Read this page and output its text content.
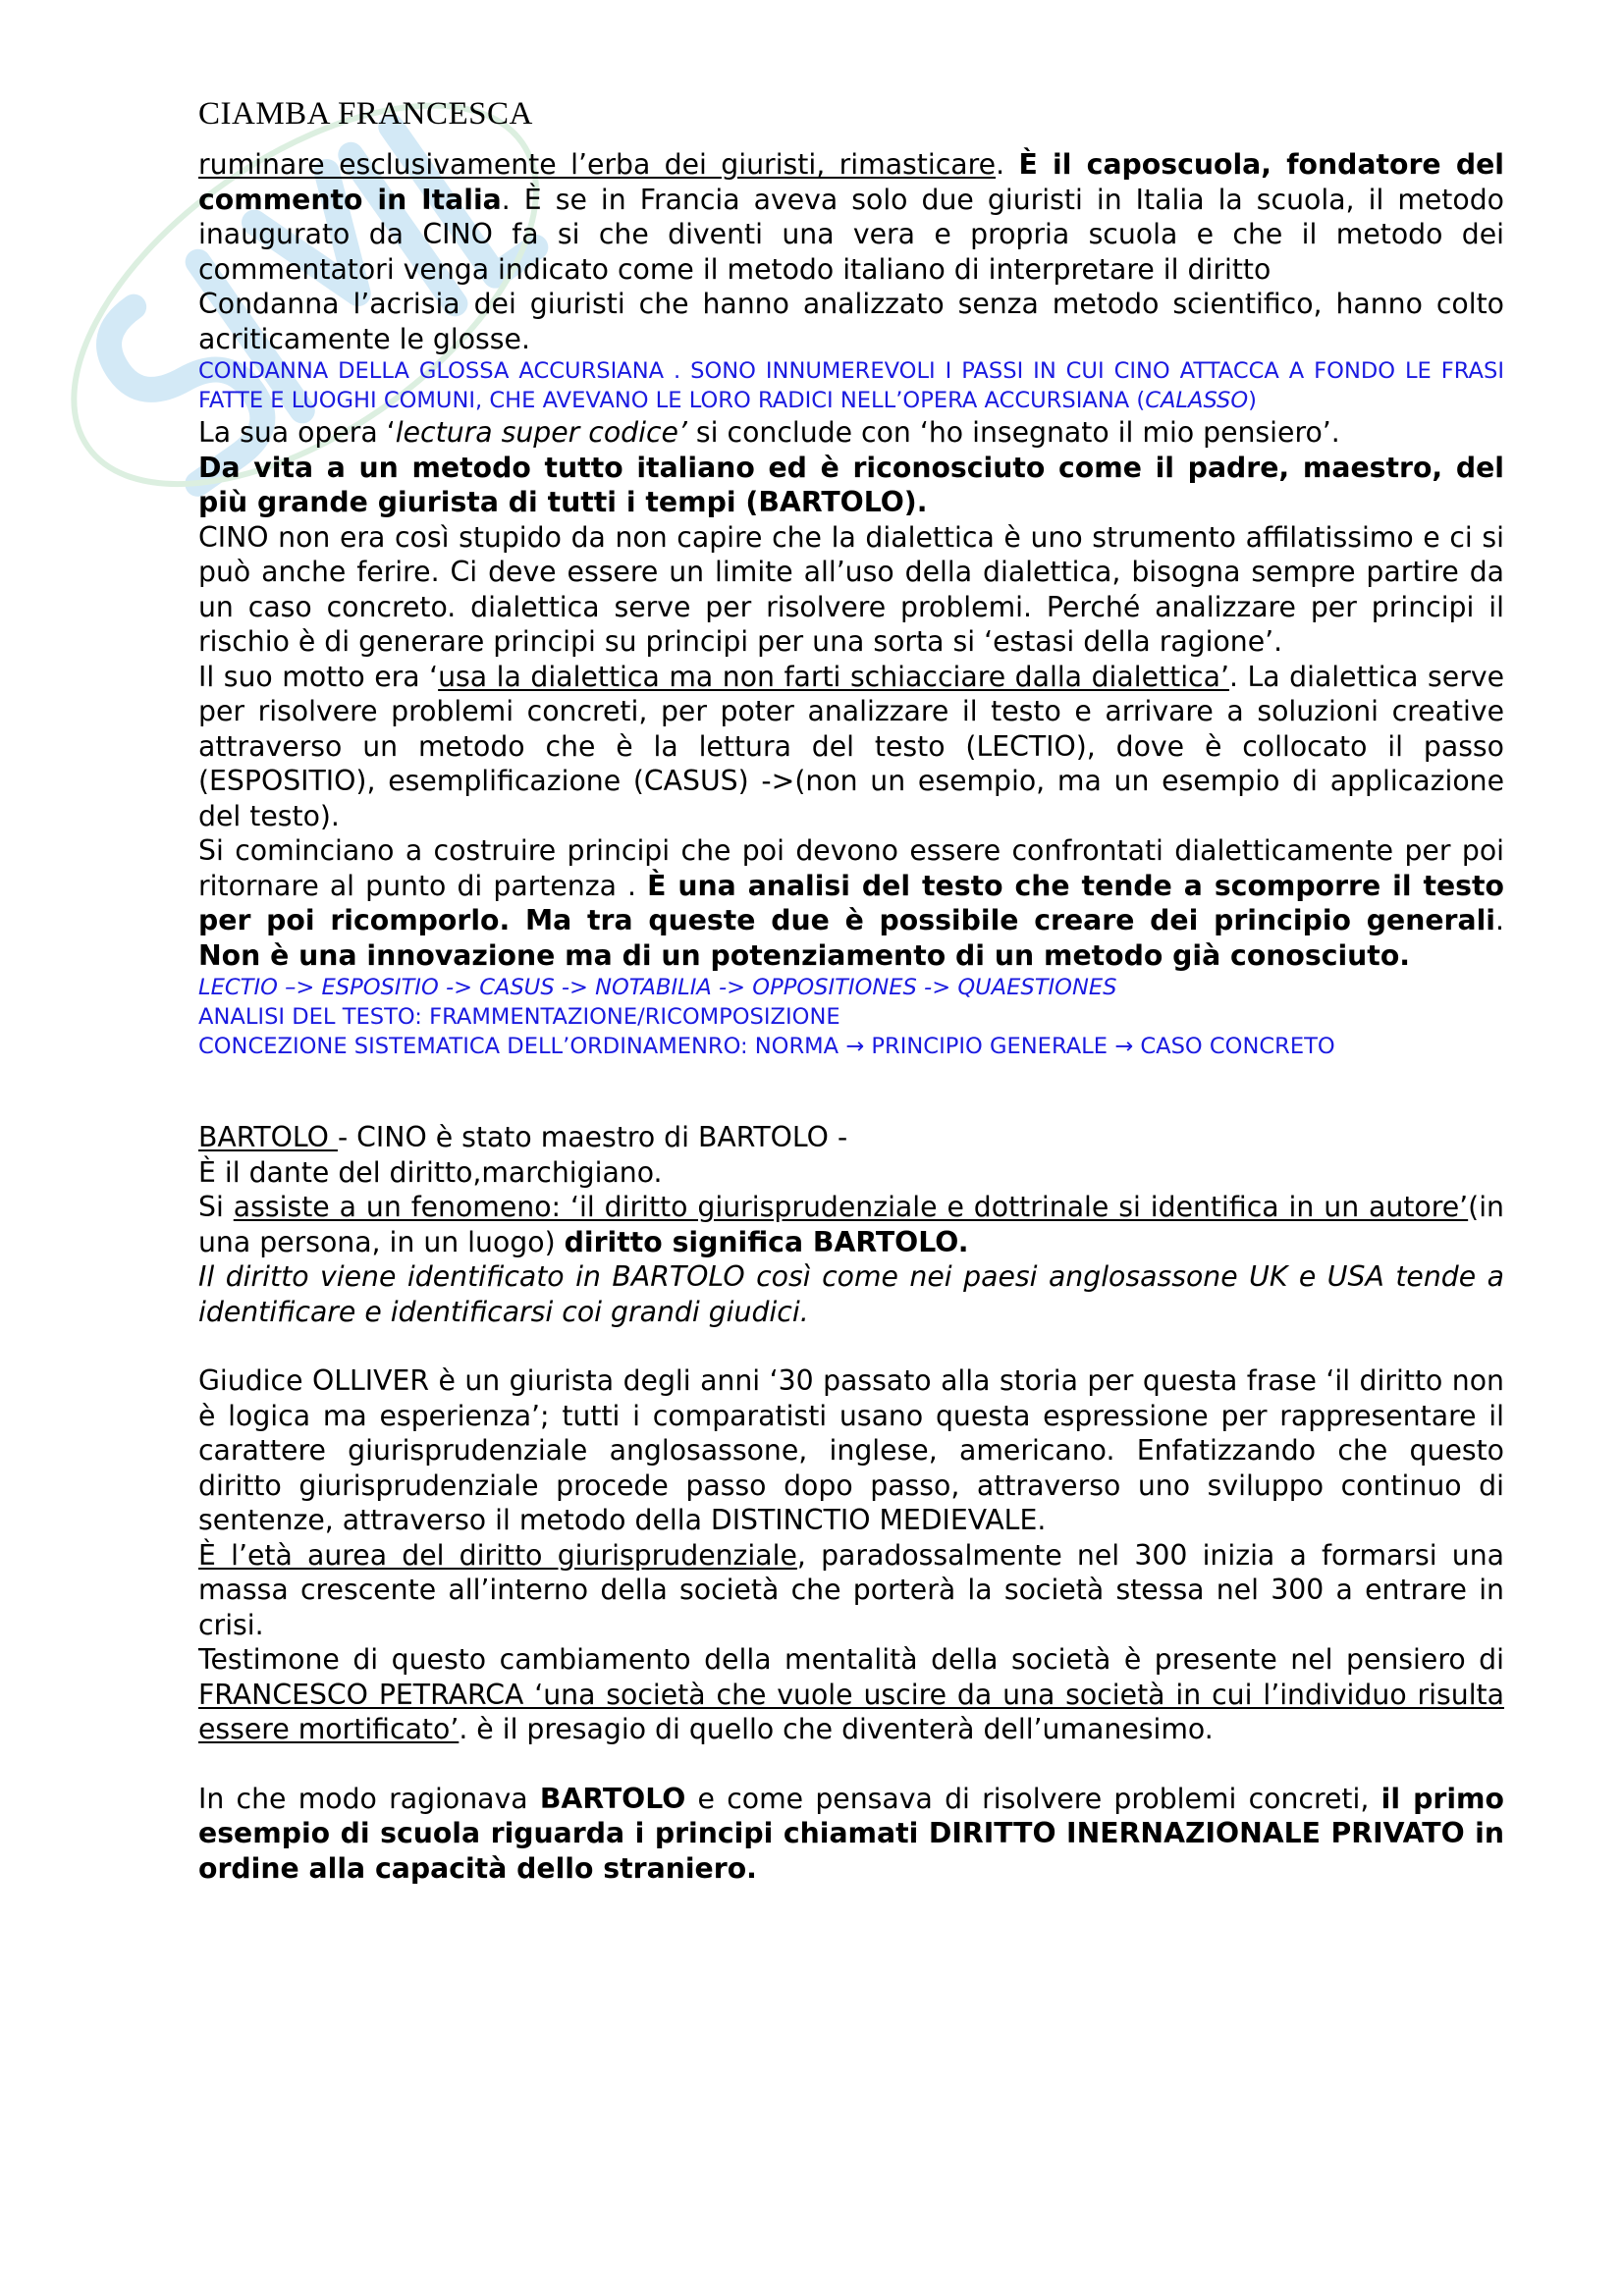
CIAMBA FRANCESCA

ruminare esclusivamente l’erba dei giuristi, rimasticare. È il caposcuola, fondatore del commento in Italia. È se in Francia aveva solo due giuristi in Italia la scuola, il metodo inaugurato da CINO fa si che diventi una vera e propria scuola e che il metodo dei commentatori venga indicato come il metodo italiano di interpretare il diritto

Condanna l’acrisia dei giuristi che hanno analizzato senza metodo scientifico, hanno colto acriticamente le glosse.

CONDANNA DELLA GLOSSA ACCURSIANA . SONO INNUMEREVOLI I PASSI IN CUI CINO ATTACCA A FONDO LE FRASI FATTE E LUOGHI COMUNI, CHE AVEVANO LE LORO RADICI NELL’OPERA ACCURSIANA (CALASSO)

La sua opera ‘lectura super codice’ si conclude con ‘ho insegnato il mio pensiero’.

Da vita a un metodo tutto italiano ed è riconosciuto come il padre, maestro, del più grande giurista di tutti i tempi (BARTOLO).

CINO non era così stupido da non capire che la dialettica è uno strumento affilatissimo e ci si può anche ferire. Ci deve essere un limite all’uso della dialettica, bisogna sempre partire da un caso concreto. dialettica serve per risolvere problemi. Perché analizzare per principi il rischio è di generare principi su principi per una sorta si ‘estasi della ragione’.

Il suo motto era ‘usa la dialettica ma non farti schiacciare dalla dialettica’. La dialettica serve per risolvere problemi concreti, per poter analizzare il testo e arrivare a soluzioni creative attraverso un metodo che è la lettura del testo (LECTIO), dove è collocato il passo (ESPOSITIO), esemplificazione (CASUS) ->(non un esempio, ma un esempio di applicazione del testo).

Si cominciano a costruire principi che poi devono essere confrontati dialetticamente per poi ritornare al punto di partenza . È una analisi del testo che tende a scomporre il testo per poi ricomporlo. Ma tra queste due è possibile creare dei principio generali. Non è una innovazione ma di un potenziamento di un metodo già conosciuto.

LECTIO –> ESPOSITIO -> CASUS -> NOTABILIA -> OPPOSITIONES -> QUAESTIONES

ANALISI DEL TESTO: FRAMMENTAZIONE/RICOMPOSIZIONE

CONCEZIONE SISTEMATICA DELL’ORDINAMENRO: NORMA → PRINCIPIO GENERALE → CASO CONCRETO

BARTOLO - CINO è stato maestro di BARTOLO -

È il dante del diritto,marchigiano.

Si assiste a un fenomeno: ‘il diritto giurisprudenziale e dottrinale si identifica in un autore’(in una persona, in un luogo) diritto significa BARTOLO.

Il diritto viene identificato in BARTOLO così come nei paesi anglosassone UK e USA tende a identificare e identificarsi coi grandi giudici.

Giudice OLLIVER è un giurista degli anni ‘30 passato alla storia per questa frase ‘il diritto non è logica ma esperienza’; tutti i comparatisti usano questa espressione per rappresentare il carattere giurisprudenziale anglosassone, inglese, americano. Enfatizzando che questo diritto giurisprudenziale procede passo dopo passo, attraverso uno sviluppo continuo di sentenze, attraverso il metodo della DISTINCTIO MEDIEVALE.

È l’età aurea del diritto giurisprudenziale, paradossalmente nel 300 inizia a formarsi una massa crescente all’interno della società che porterà la società stessa nel 300 a entrare in crisi.

Testimone di questo cambiamento della mentalità della società è presente nel pensiero di FRANCESCO PETRARCA ‘una società che vuole uscire da una società in cui l’individuo risulta essere mortificato’. è il presagio di quello che diventerà dell’umanesimo.

In che modo ragionava BARTOLO e come pensava di risolvere problemi concreti, il primo esempio di scuola riguarda i principi chiamati DIRITTO INERNAZIONALE PRIVATO in ordine alla capacità dello straniero.
